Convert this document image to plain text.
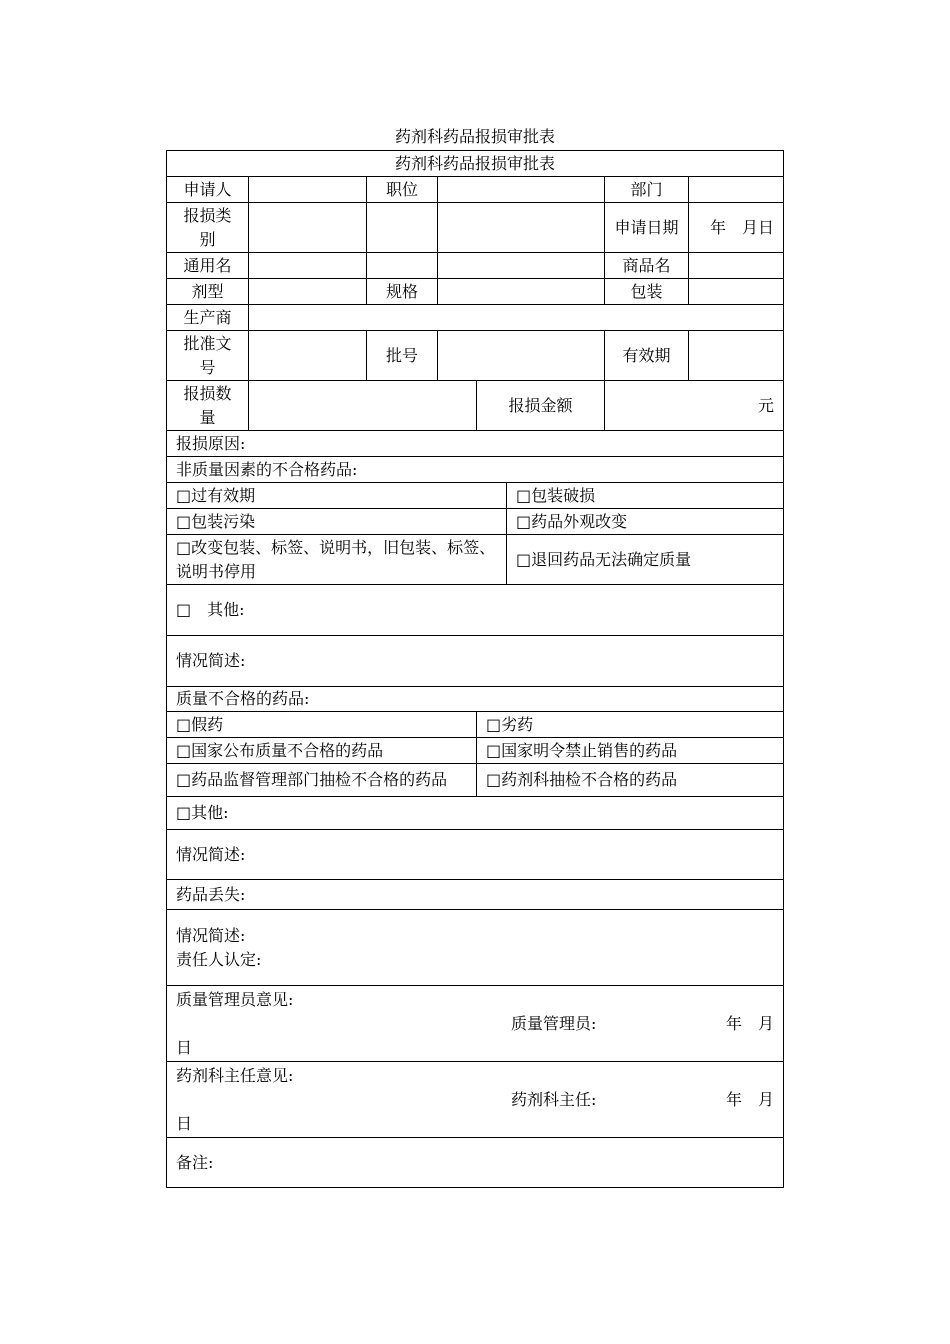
药剂科药品报损审批表
药剂科药品报损审批表							
申请人		职位				部门	
报损类别						申请日期	年　月日
通用名						商品名	
剂型		规格				包装	
生产商							
批准文号		批号				有效期	
报损数量				报损金额		元	
报损原因:							
非质量因素的不合格药品:							
□过有效期					□包装破损		
□包装污染					□药品外观改变		
□改变包装、标签、说明书，旧包装、标签、说明书停用					□退回药品无法确定质量		
□　其他:							
情况简述:							
质量不合格的药品:							
□假药				□劣药			
□国家公布质量不合格的药品				□国家明令禁止销售的药品			
□药品监督管理部门抽检不合格的药品				□药剂科抽检不合格的药品			
□其他:							
情况简述:							
药品丢失:							

情况简述:
责任人认定:							

质量管理员意见:
质量管理员: 年　月
日							

药剂科主任意见:
药剂科主任: 年　月
日							

备注:							
